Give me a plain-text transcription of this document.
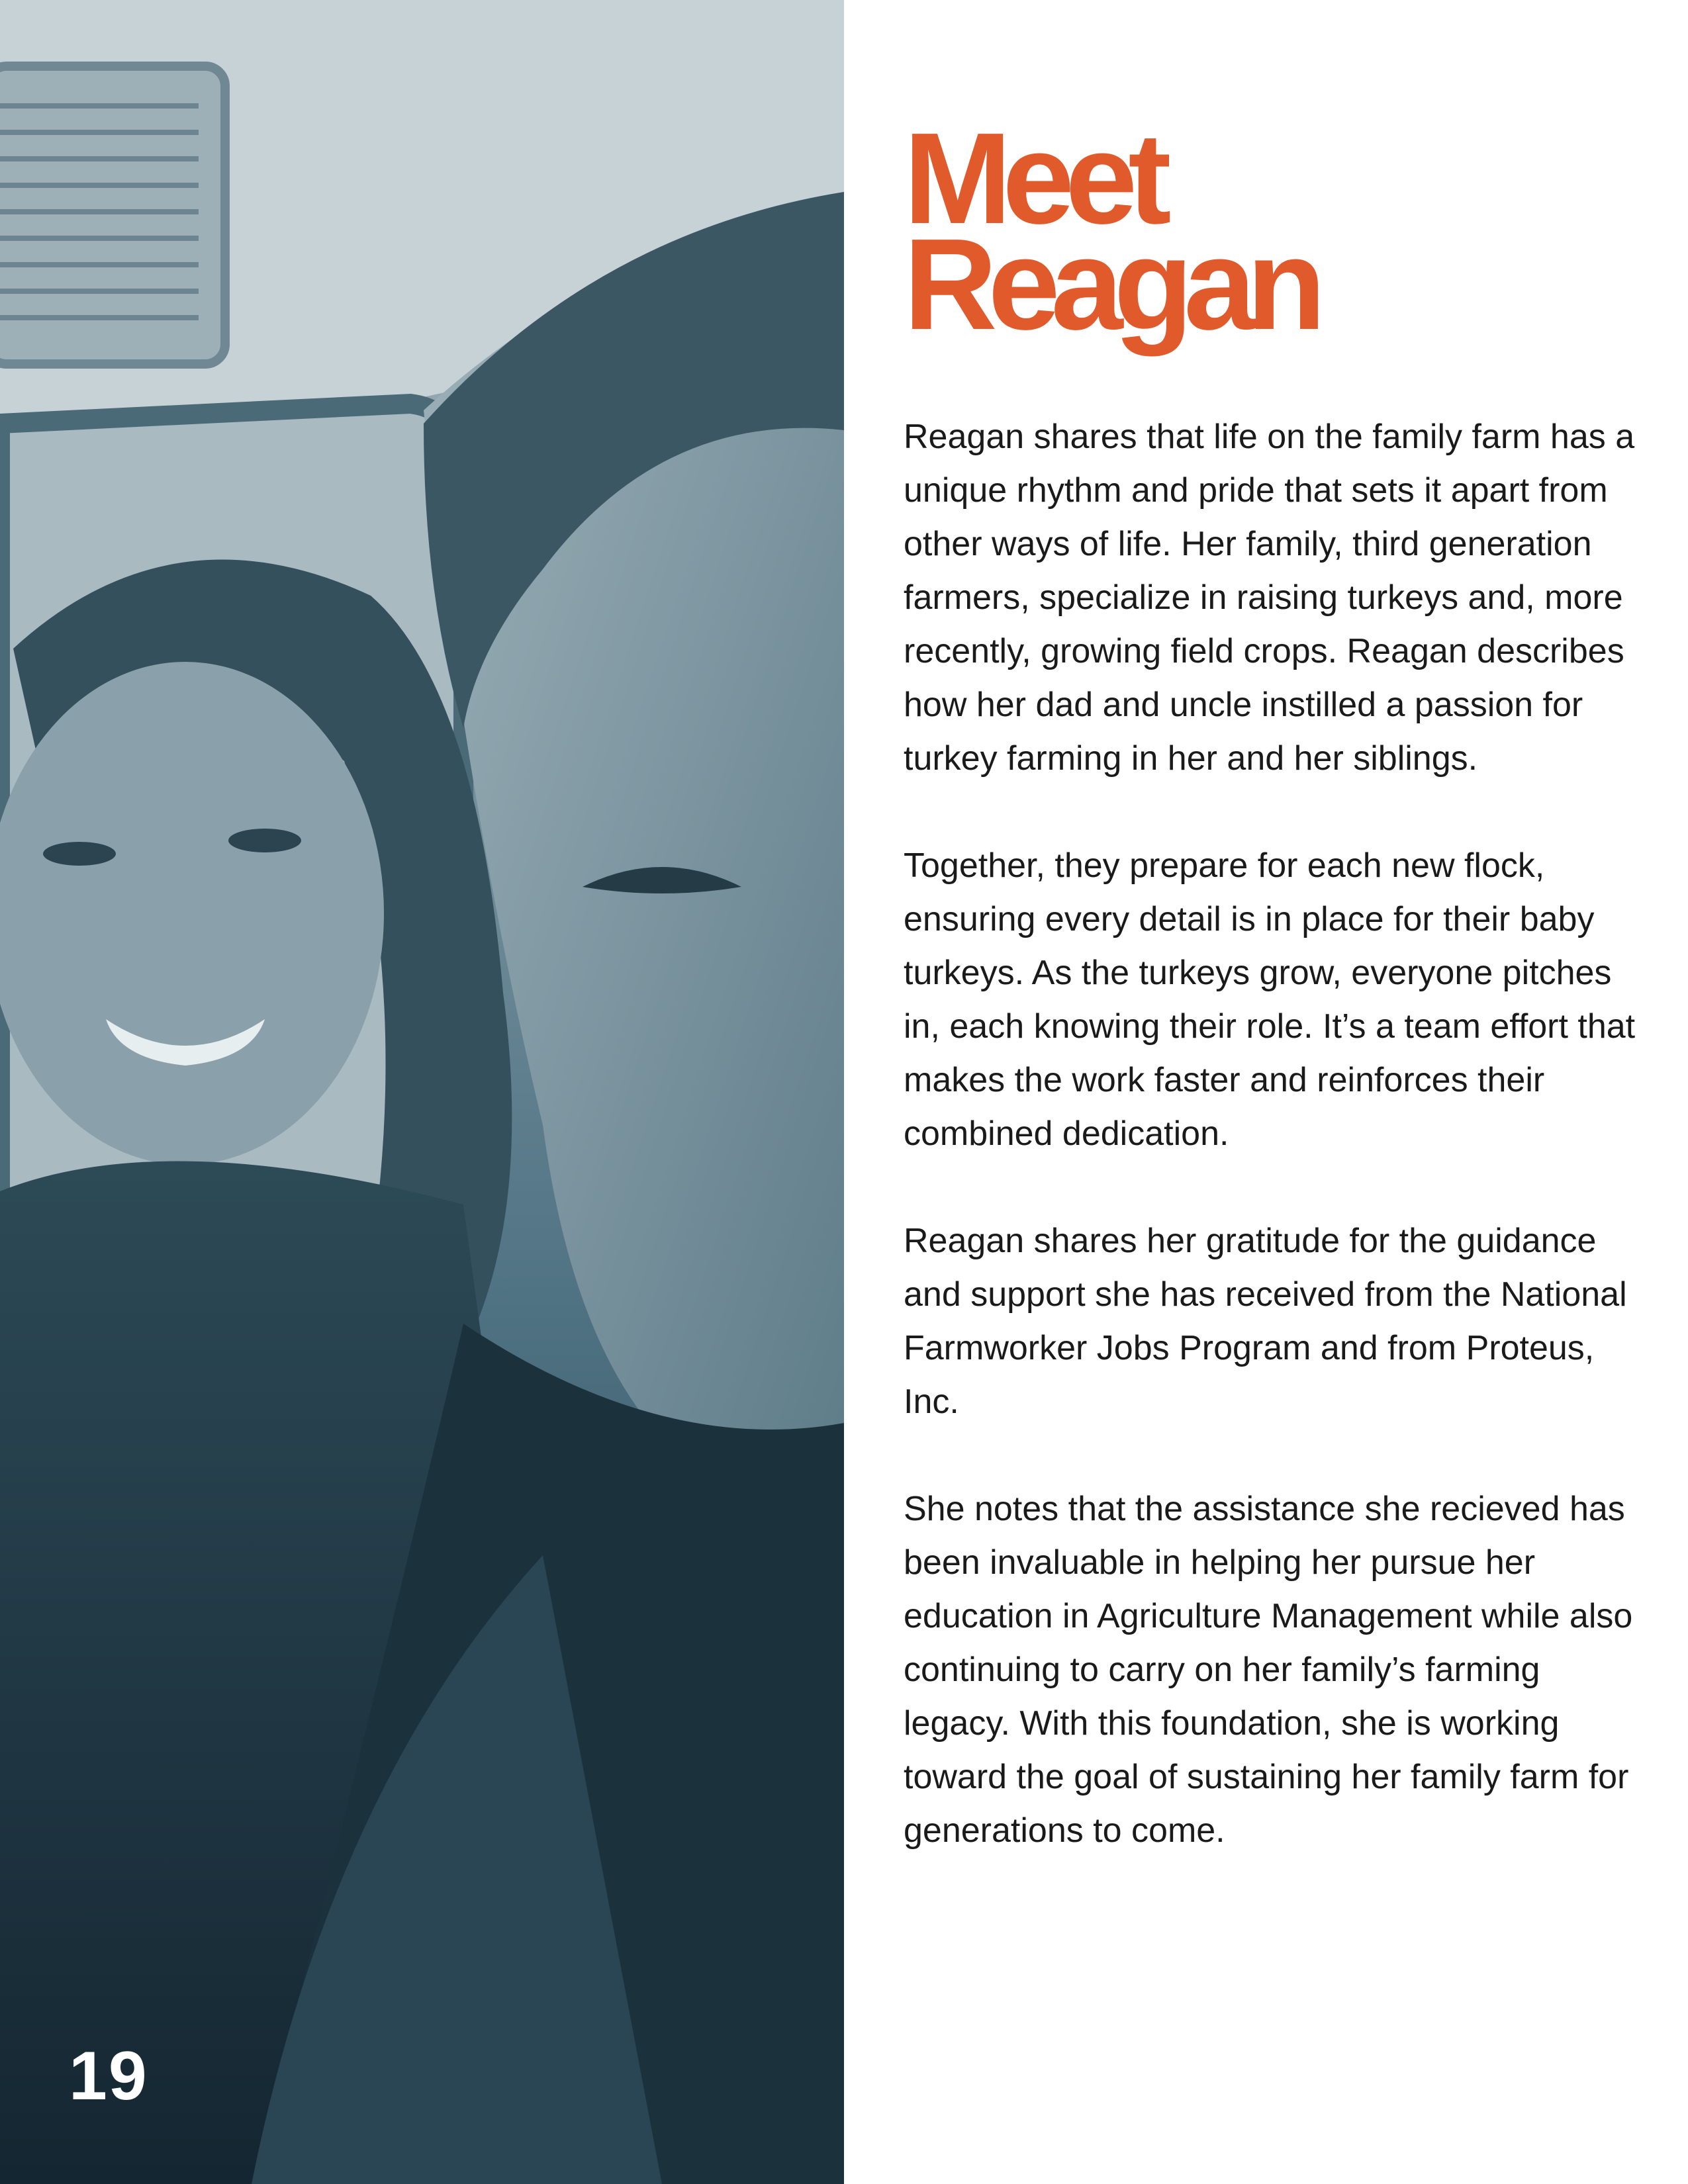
19
Meet
Reagan

Reagan shares that life on the family farm has a unique rhythm and pride that sets it apart from other ways of life. Her family, third generation farmers, specialize in raising turkeys and, more recently, growing field crops. Reagan describes how her dad and uncle instilled a passion for turkey farming in her and her siblings.

Together, they prepare for each new flock, ensuring every detail is in place for their baby turkeys. As the turkeys grow, everyone pitches in, each knowing their role. It’s a team effort that makes the work faster and reinforces their combined dedication.

Reagan shares her gratitude for the guidance and support she has received from the National Farmworker Jobs Program and from Proteus, Inc.

She notes that the assistance she recieved has been invaluable in helping her pursue her education in Agriculture Management while also continuing to carry on her family’s farming legacy. With this foundation, she is working toward the goal of sustaining her family farm for generations to come.
